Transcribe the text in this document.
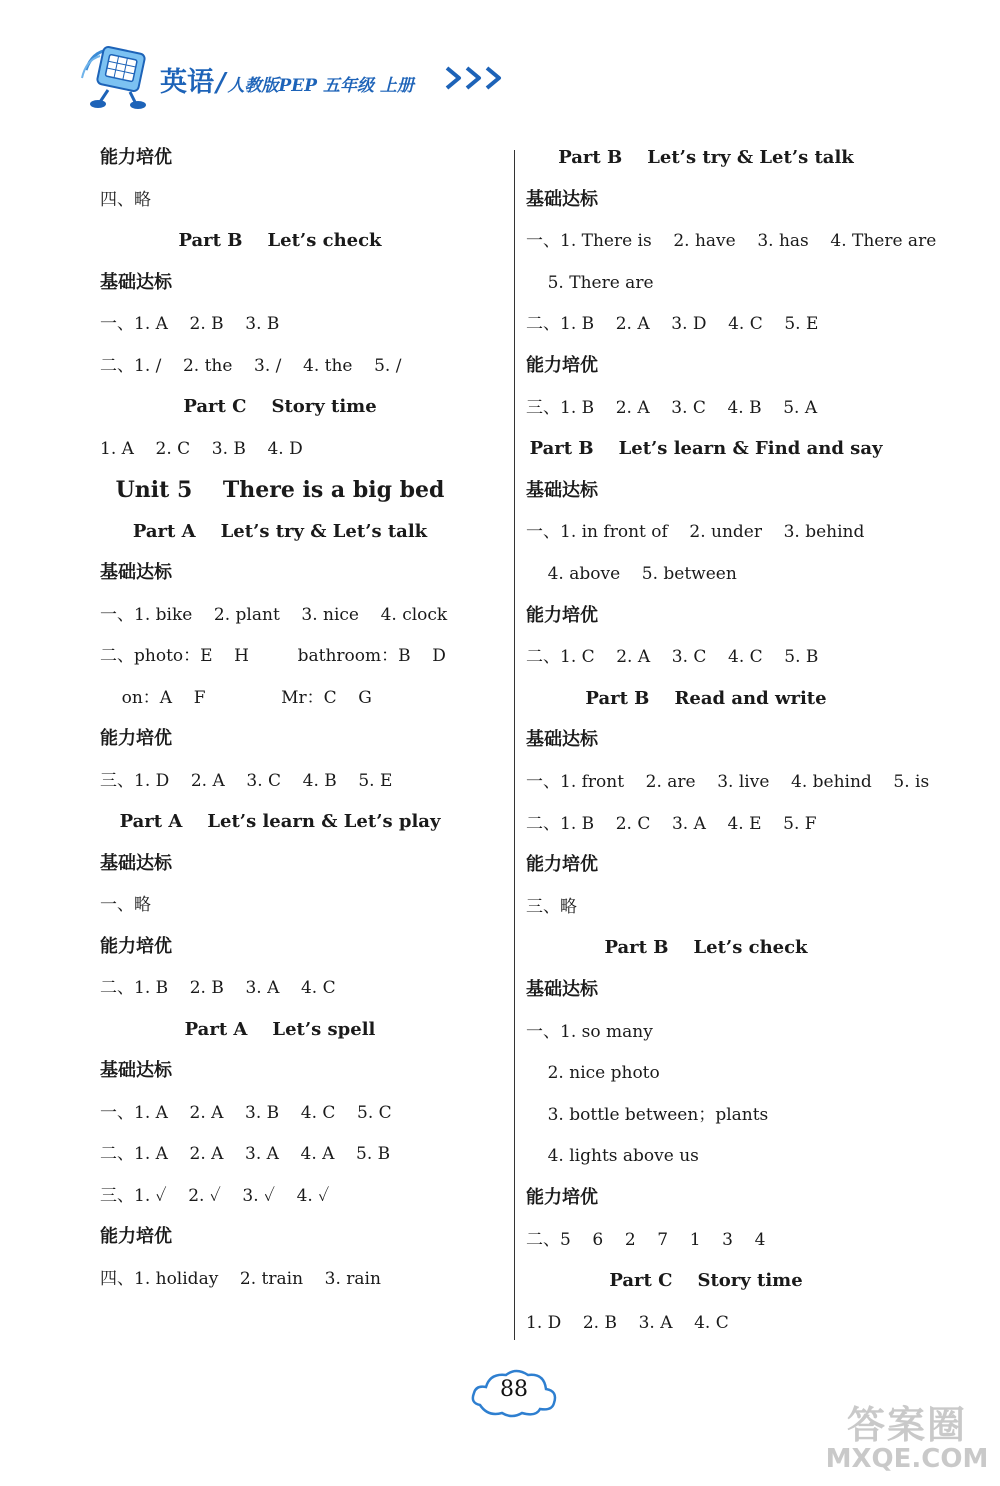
英语/ 人教版PEP 五年级 上册
能力培优
四、略
Part B    Let’s check
基础达标
一、1. A    2. B    3. B
二、1. ∕    2. the    3. ∕    4. the    5. ∕
Part C    Story time
1. A    2. C    3. B    4. D
Unit 5    There is a big bed
Part A    Let’s try & Let’s talk
基础达标
一、1. bike    2. plant    3. nice    4. clock
二、photo：E    H         bathroom：B    D
on：A    F              Mr：C    G
能力培优
三、1. D    2. A    3. C    4. B    5. E
Part A    Let’s learn & Let’s play
基础达标
一、略
能力培优
二、1. B    2. B    3. A    4. C
Part A    Let’s spell
基础达标
一、1. A    2. A    3. B    4. C    5. C
二、1. A    2. A    3. A    4. A    5. B
三、1. ✓    2. ✓    3. ✓    4. ✓
能力培优
四、1. holiday    2. train    3. rain
Part B    Let’s try & Let’s talk
基础达标
一、1. There is    2. have    3. has    4. There are
5. There are
二、1. B    2. A    3. D    4. C    5. E
能力培优
三、1. B    2. A    3. C    4. B    5. A
Part B    Let’s learn & Find and say
基础达标
一、1. in front of    2. under    3. behind
4. above    5. between
能力培优
二、1. C    2. A    3. C    4. C    5. B
Part B    Read and write
基础达标
一、1. front    2. are    3. live    4. behind    5. is
二、1. B    2. C    3. A    4. E    5. F
能力培优
三、略
Part B    Let’s check
基础达标
一、1. so many
2. nice photo
3. bottle between；plants
4. lights above us
能力培优
二、5    6    2    7    1    3    4
Part C    Story time
1. D    2. B    3. A    4. C
88
答案圈
MXQE.COM
